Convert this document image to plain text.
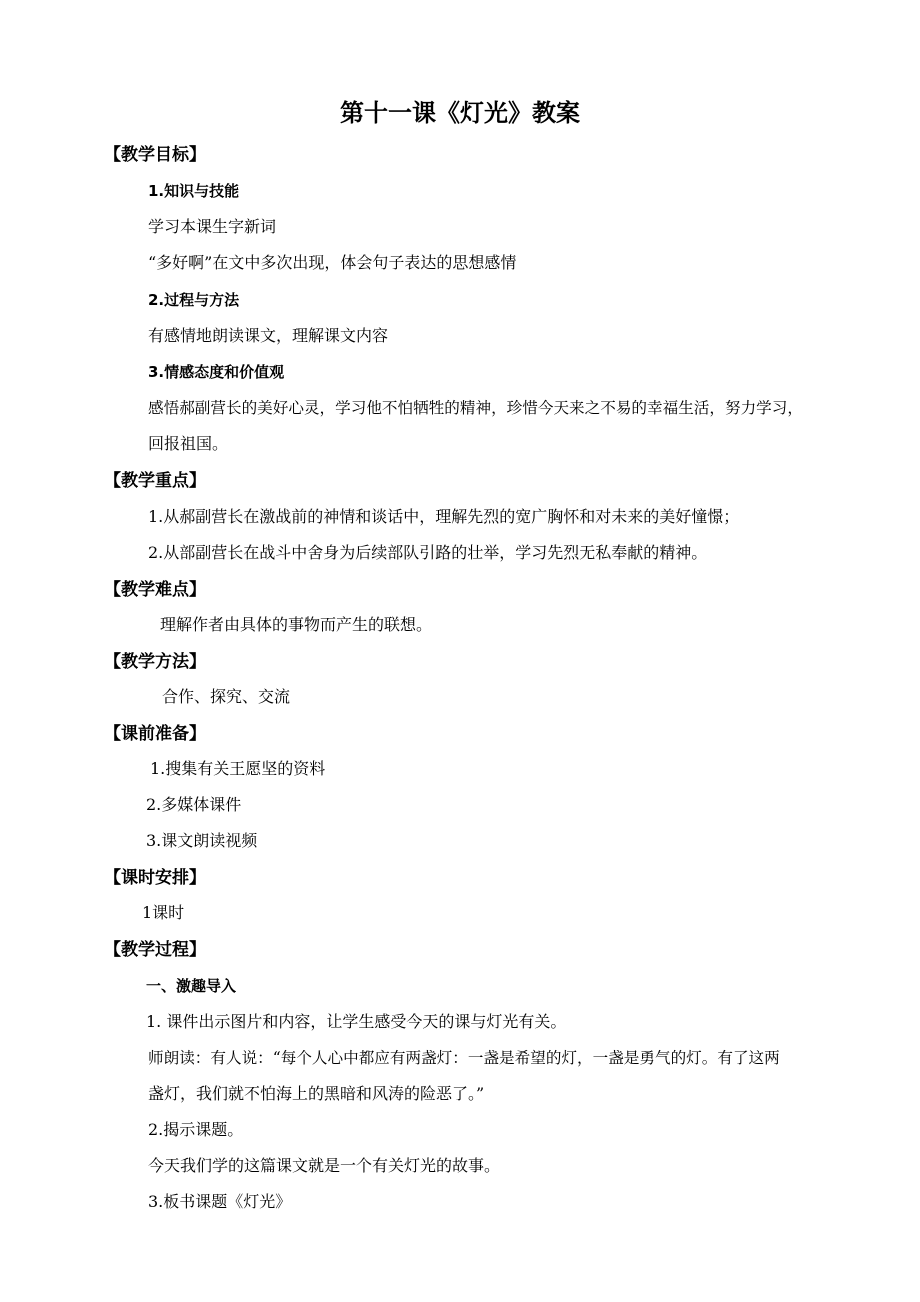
第十一课《灯光》教案
【教学目标】
1.知识与技能
学习本课生字新词
“多好啊”在文中多次出现，体会句子表达的思想感情
2.过程与方法
有感情地朗读课文，理解课文内容
3.情感态度和价值观
感悟郝副营长的美好心灵，学习他不怕牺牲的精神，珍惜今天来之不易的幸福生活，努力学习，
回报祖国。
【教学重点】
1.从郝副营长在激战前的神情和谈话中，理解先烈的宽广胸怀和对未来的美好憧憬；
2.从部副营长在战斗中舍身为后续部队引路的壮举，学习先烈无私奉献的精神。
【教学难点】
理解作者由具体的事物而产生的联想。
【教学方法】
合作、探究、交流
【课前准备】
1.搜集有关王愿坚的资料
2.多媒体课件
3.课文朗读视频
【课时安排】
1课时
【教学过程】
一、激趣导入
1. 课件出示图片和内容，让学生感受今天的课与灯光有关。
师朗读：有人说：“每个人心中都应有两盏灯：一盏是希望的灯，一盏是勇气的灯。有了这两
盏灯，我们就不怕海上的黑暗和风涛的险恶了。”
2.揭示课题。
今天我们学的这篇课文就是一个有关灯光的故事。
3.板书课题《灯光》
